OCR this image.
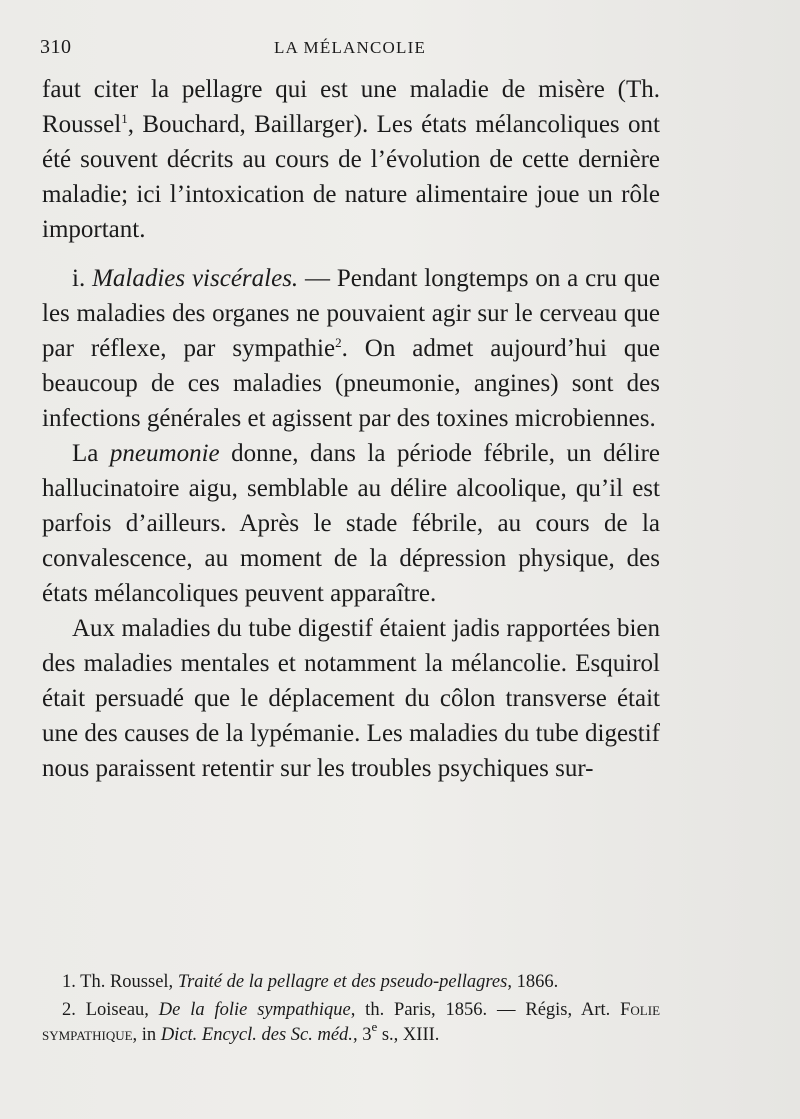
310	LA MÉLANCOLIE

faut citer la pellagre qui est une maladie de misère (Th. Roussel$^1$, Bouchard, Baillarger). Les états mélancoliques ont été souvent décrits au cours de l’évolution de cette dernière maladie; ici l’intoxication de nature alimentaire joue un rôle important.

i. Maladies viscérales. — Pendant longtemps on a cru que les maladies des organes ne pouvaient agir sur le cerveau que par réflexe, par sympathie$^2$. On admet aujourd’hui que beaucoup de ces maladies (pneumonie, angines) sont des infections générales et agissent par des toxines microbiennes.

La pneumonie donne, dans la période fébrile, un délire hallucinatoire aigu, semblable au délire alcoolique, qu’il est parfois d’ailleurs. Après le stade fébrile, au cours de la convalescence, au moment de la dépression physique, des états mélancoliques peuvent apparaître.

Aux maladies du tube digestif étaient jadis rapportées bien des maladies mentales et notamment la mélancolie. Esquirol était persuadé que le déplacement du côlon transverse était une des causes de la lypémanie. Les maladies du tube digestif nous paraissent retentir sur les troubles psychiques sur-

1. Th. Roussel, Traité de la pellagre et des pseudo-pellagres, 1866.

2. Loiseau, De la folie sympathique, th. Paris, 1856. — Régis, Art. Folie sympathique, in Dict. Encycl. des Sc. méd., 3e s., XIII.
